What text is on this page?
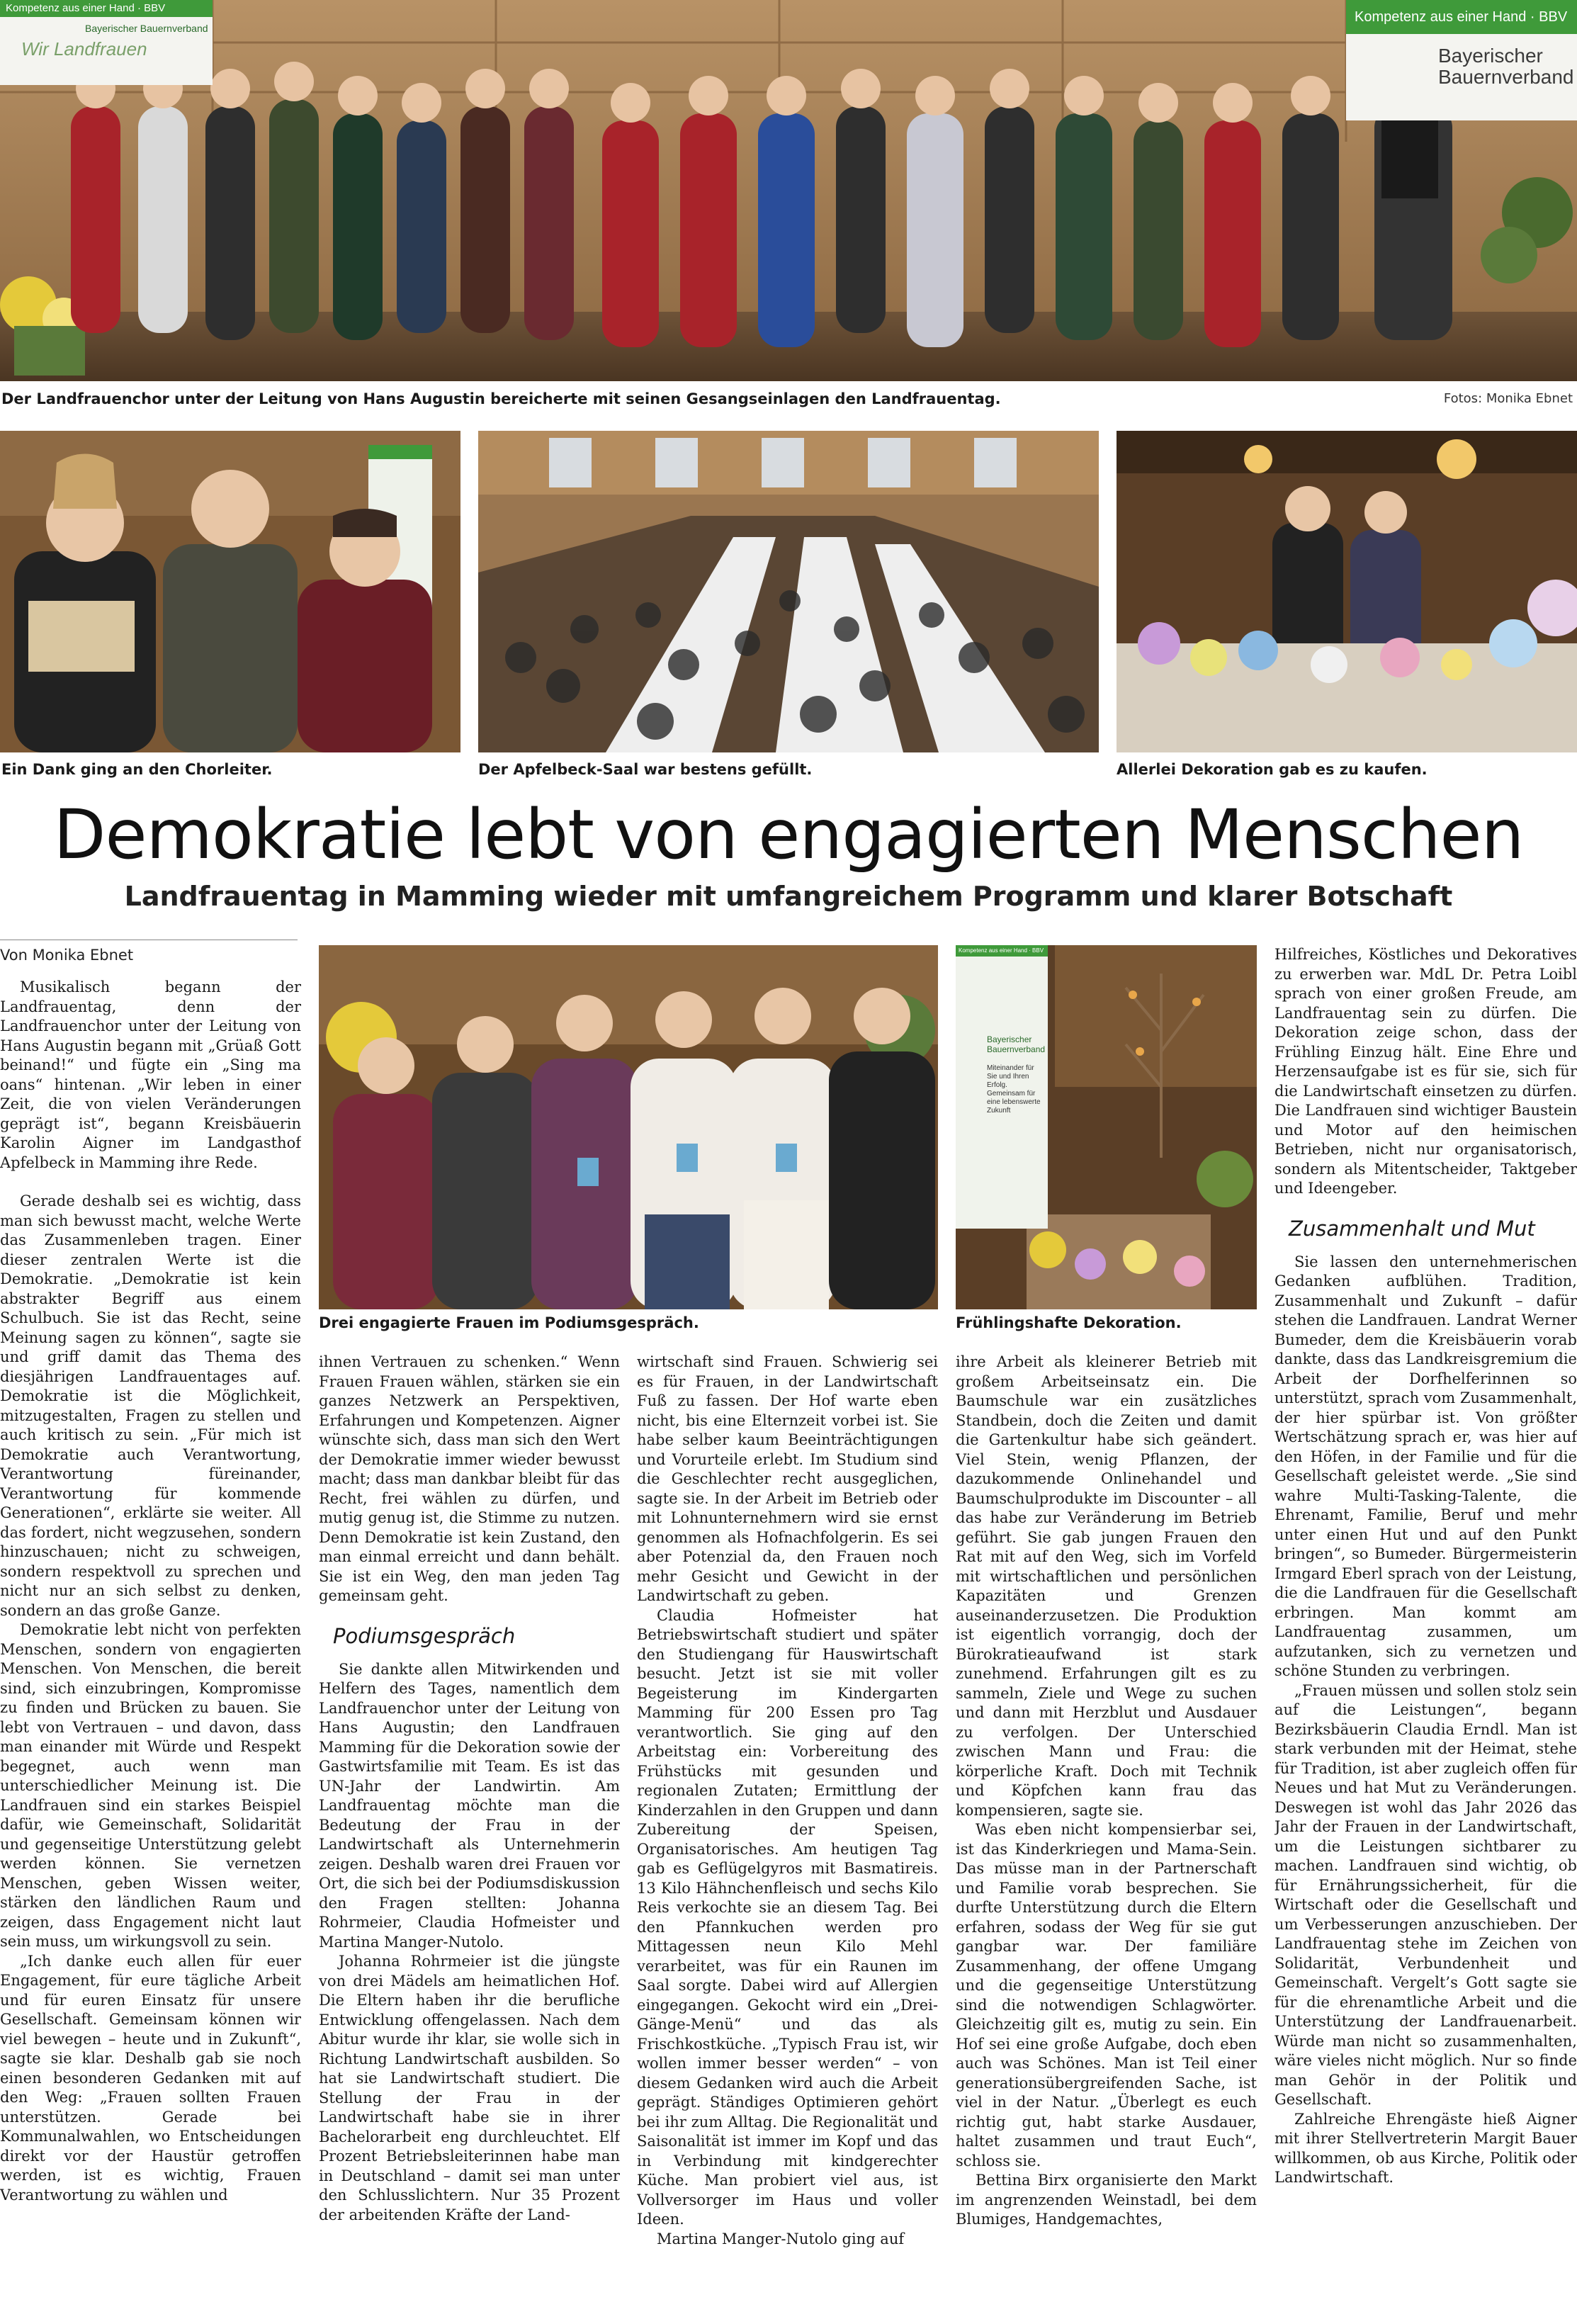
Kompetenz aus einer Hand · BBV
Bayerischer Bauernverband
Wir Landfrauen
Kompetenz aus einer Hand · BBV
Bayerischer Bauernverband
Der Landfrauenchor unter der Leitung von Hans Augustin bereicherte mit seinen Gesangseinlagen den Landfrauentag.	Fotos: Monika Ebnet
Ein Dank ging an den Chorleiter.	Der Apfelbeck-Saal war bestens gefüllt.	Allerlei Dekoration gab es zu kaufen.
Demokratie lebt von engagierten Menschen
Landfrauentag in Mamming wieder mit umfangreichem Programm und klarer Botschaft
Von Monika Ebnet

Musikalisch begann der Landfrauentag, denn der Landfrauenchor unter der Leitung von Hans Augustin begann mit „Grüaß Gott beinand!“ und fügte ein „Sing ma oans“ hintenan. „Wir leben in einer Zeit, die von vielen Veränderungen geprägt ist“, begann Kreisbäuerin Karolin Aigner im Landgasthof Apfelbeck in Mamming ihre Rede.

Gerade deshalb sei es wichtig, dass man sich bewusst macht, welche Werte das Zusammenleben tragen. Einer dieser zentralen Werte ist die Demokratie. „Demokratie ist kein abstrakter Begriff aus einem Schulbuch. Sie ist das Recht, seine Meinung sagen zu können“, sagte sie und griff damit das Thema des diesjährigen Landfrauentages auf. Demokratie ist die Möglichkeit, mitzugestalten, Fragen zu stellen und auch kritisch zu sein. „Für mich ist Demokratie auch Verantwortung, Verantwortung füreinander, Verantwortung für kommende Generationen“, erklärte sie weiter. All das fordert, nicht wegzusehen, sondern hinzuschauen; nicht zu schweigen, sondern respektvoll zu sprechen und nicht nur an sich selbst zu denken, sondern an das große Ganze.

Demokratie lebt nicht von perfekten Menschen, sondern von engagierten Menschen. Von Menschen, die bereit sind, sich einzubringen, Kompromisse zu finden und Brücken zu bauen. Sie lebt von Vertrauen – und davon, dass man einander mit Würde und Respekt begegnet, auch wenn man unterschiedlicher Meinung ist. Die Landfrauen sind ein starkes Beispiel dafür, wie Gemeinschaft, Solidarität und gegenseitige Unterstützung gelebt werden können. Sie vernetzen Menschen, geben Wissen weiter, stärken den ländlichen Raum und zeigen, dass Engagement nicht laut sein muss, um wirkungsvoll zu sein.

„Ich danke euch allen für euer Engagement, für eure tägliche Arbeit und für euren Einsatz für unsere Gesellschaft. Gemeinsam können wir viel bewegen – heute und in Zukunft“, sagte sie klar. Deshalb gab sie noch einen besonderen Gedanken mit auf den Weg: „Frauen sollten Frauen unterstützen. Gerade bei Kommunalwahlen, wo Entscheidungen direkt vor der Haustür getroffen werden, ist es wichtig, Frauen Verantwortung zu wählen und

Drei engagierte Frauen im Podiumsgespräch.
Kompetenz aus einer Hand · BBV
Bayerischer Bauernverband
Miteinander für Sie und Ihren Erfolg. Gemeinsam für eine lebenswerte Zukunft
Frühlingshafte Dekoration.

ihnen Vertrauen zu schenken.“ Wenn Frauen Frauen wählen, stärken sie ein ganzes Netzwerk an Perspektiven, Erfahrungen und Kompetenzen. Aigner wünschte sich, dass man sich den Wert der Demokratie immer wieder bewusst macht; dass man dankbar bleibt für das Recht, frei wählen zu dürfen, und mutig genug ist, die Stimme zu nutzen. Denn Demokratie ist kein Zustand, den man einmal erreicht und dann behält. Sie ist ein Weg, den man jeden Tag gemeinsam geht.

Podiumsgespräch

Sie dankte allen Mitwirkenden und Helfern des Tages, namentlich dem Landfrauenchor unter der Leitung von Hans Augustin; den Landfrauen Mamming für die Dekoration sowie der Gastwirtsfamilie mit Team. Es ist das UN-Jahr der Landwirtin. Am Landfrauentag möchte man die Bedeutung der Frau in der Landwirtschaft als Unternehmerin zeigen. Deshalb waren drei Frauen vor Ort, die sich bei der Podiumsdiskussion den Fragen stellten: Johanna Rohrmeier, Claudia Hofmeister und Martina Manger-Nutolo.

Johanna Rohrmeier ist die jüngste von drei Mädels am heimatlichen Hof. Die Eltern haben ihr die berufliche Entwicklung offengelassen. Nach dem Abitur wurde ihr klar, sie wolle sich in Richtung Landwirtschaft ausbilden. So hat sie Landwirtschaft studiert. Die Stellung der Frau in der Landwirtschaft habe sie in ihrer Bachelorarbeit eng durchleuchtet. Elf Prozent Betriebsleiterinnen habe man in Deutschland – damit sei man unter den Schlusslichtern. Nur 35 Prozent der arbeitenden Kräfte der Land-

wirtschaft sind Frauen. Schwierig sei es für Frauen, in der Landwirtschaft Fuß zu fassen. Der Hof warte eben nicht, bis eine Elternzeit vorbei ist. Sie habe selber kaum Beeinträchtigungen und Vorurteile erlebt. Im Studium sind die Geschlechter recht ausgeglichen, sagte sie. In der Arbeit im Betrieb oder mit Lohnunternehmern wird sie ernst genommen als Hofnachfolgerin. Es sei aber Potenzial da, den Frauen noch mehr Gesicht und Gewicht in der Landwirtschaft zu geben.

Claudia Hofmeister hat Betriebswirtschaft studiert und später den Studiengang für Hauswirtschaft besucht. Jetzt ist sie mit voller Begeisterung im Kindergarten Mamming für 200 Essen pro Tag verantwortlich. Sie ging auf den Arbeitstag ein: Vorbereitung des Frühstücks mit gesunden und regionalen Zutaten; Ermittlung der Kinderzahlen in den Gruppen und dann Zubereitung der Speisen, Organisatorisches. Am heutigen Tag gab es Geflügelgyros mit Basmatireis. 13 Kilo Hähnchenfleisch und sechs Kilo Reis verkochte sie an diesem Tag. Bei den Pfannkuchen werden pro Mittagessen neun Kilo Mehl verarbeitet, was für ein Raunen im Saal sorgte. Dabei wird auf Allergien eingegangen. Gekocht wird ein „Drei-Gänge-Menü“ und das als Frischkostküche. „Typisch Frau ist, wir wollen immer besser werden“ – von diesem Gedanken wird auch die Arbeit geprägt. Ständiges Optimieren gehört bei ihr zum Alltag. Die Regionalität und Saisonalität ist immer im Kopf und das in Verbindung mit kindgerechter Küche. Man probiert viel aus, ist Vollversorger im Haus und voller Ideen.

Martina Manger-Nutolo ging auf

ihre Arbeit als kleinerer Betrieb mit großem Arbeitseinsatz ein. Die Baumschule war ein zusätzliches Standbein, doch die Zeiten und damit die Gartenkultur habe sich geändert. Viel Stein, wenig Pflanzen, der dazukommende Onlinehandel und Baumschulprodukte im Discounter – all das habe zur Veränderung im Betrieb geführt. Sie gab jungen Frauen den Rat mit auf den Weg, sich im Vorfeld mit wirtschaftlichen und persönlichen Kapazitäten und Grenzen auseinanderzusetzen. Die Produktion ist eigentlich vorrangig, doch der Bürokratieaufwand ist stark zunehmend. Erfahrungen gilt es zu sammeln, Ziele und Wege zu suchen und dann mit Herzblut und Ausdauer zu verfolgen. Der Unterschied zwischen Mann und Frau: die körperliche Kraft. Doch mit Technik und Köpfchen kann frau das kompensieren, sagte sie.

Was eben nicht kompensierbar sei, ist das Kinderkriegen und Mama-Sein. Das müsse man in der Partnerschaft und Familie vorab besprechen. Sie durfte Unterstützung durch die Eltern erfahren, sodass der Weg für sie gut gangbar war. Der familiäre Zusammenhang, der offene Umgang und die gegenseitige Unterstützung sind die notwendigen Schlagwörter. Gleichzeitig gilt es, mutig zu sein. Ein Hof sei eine große Aufgabe, doch eben auch was Schönes. Man ist Teil einer generationsübergreifenden Sache, ist viel in der Natur. „Überlegt es euch richtig gut, habt starke Ausdauer, haltet zusammen und traut Euch“, schloss sie.

Bettina Birx organisierte den Markt im angrenzenden Weinstadl, bei dem Blumiges, Handgemachtes,

Hilfreiches, Köstliches und Dekoratives zu erwerben war. MdL Dr. Petra Loibl sprach von einer großen Freude, am Landfrauentag sein zu dürfen. Die Dekoration zeige schon, dass der Frühling Einzug hält. Eine Ehre und Herzensaufgabe ist es für sie, sich für die Landwirtschaft einsetzen zu dürfen. Die Landfrauen sind wichtiger Baustein und Motor auf den heimischen Betrieben, nicht nur organisatorisch, sondern als Mitentscheider, Taktgeber und Ideengeber.

Zusammenhalt und Mut

Sie lassen den unternehmerischen Gedanken aufblühen. Tradition, Zusammenhalt und Zukunft – dafür stehen die Landfrauen. Landrat Werner Bumeder, dem die Kreisbäuerin vorab dankte, dass das Landkreisgremium die Arbeit der Dorfhelferinnen so unterstützt, sprach vom Zusammenhalt, der hier spürbar ist. Von größter Wertschätzung sprach er, was hier auf den Höfen, in der Familie und für die Gesellschaft geleistet werde. „Sie sind wahre Multi-Tasking-Talente, die Ehrenamt, Familie, Beruf und mehr unter einen Hut und auf den Punkt bringen“, so Bumeder. Bürgermeisterin Irmgard Eberl sprach von der Leistung, die die Landfrauen für die Gesellschaft erbringen. Man kommt am Landfrauentag zusammen, um aufzutanken, sich zu vernetzen und schöne Stunden zu verbringen.

„Frauen müssen und sollen stolz sein auf die Leistungen“, begann Bezirksbäuerin Claudia Erndl. Man ist stark verbunden mit der Heimat, stehe für Tradition, ist aber zugleich offen für Neues und hat Mut zu Veränderungen. Deswegen ist wohl das Jahr 2026 das Jahr der Frauen in der Landwirtschaft, um die Leistungen sichtbarer zu machen. Landfrauen sind wichtig, ob für Ernährungssicherheit, für die Wirtschaft oder die Gesellschaft und um Verbesserungen anzuschieben. Der Landfrauentag stehe im Zeichen von Solidarität, Verbundenheit und Gemeinschaft. Vergelt’s Gott sagte sie für die ehrenamtliche Arbeit und die Unterstützung der Landfrauenarbeit. Würde man nicht so zusammenhalten, wäre vieles nicht möglich. Nur so finde man Gehör in der Politik und Gesellschaft.

Zahlreiche Ehrengäste hieß Aigner mit ihrer Stellvertreterin Margit Bauer willkommen, ob aus Kirche, Politik oder Landwirtschaft.
